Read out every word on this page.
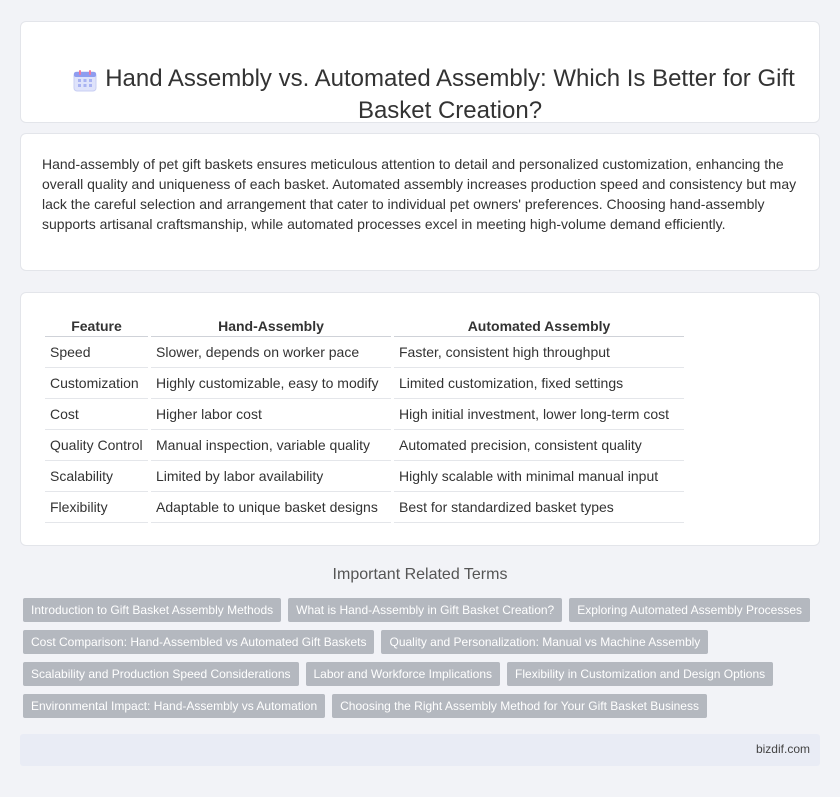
Hand Assembly vs. Automated Assembly: Which Is Better for Gift Basket Creation?

Hand-assembly of pet gift baskets ensures meticulous attention to detail and personalized customization, enhancing the overall quality and uniqueness of each basket. Automated assembly increases production speed and consistency but may lack the careful selection and arrangement that cater to individual pet owners' preferences. Choosing hand-assembly supports artisanal craftsmanship, while automated processes excel in meeting high-volume demand efficiently.

Feature	Hand-Assembly	Automated Assembly
Speed	Slower, depends on worker pace	Faster, consistent high throughput
Customization	Highly customizable, easy to modify	Limited customization, fixed settings
Cost	Higher labor cost	High initial investment, lower long-term cost
Quality Control	Manual inspection, variable quality	Automated precision, consistent quality
Scalability	Limited by labor availability	Highly scalable with minimal manual input
Flexibility	Adaptable to unique basket designs	Best for standardized basket types
Important Related Terms
Introduction to Gift Basket Assembly Methods	What is Hand-Assembly in Gift Basket Creation?	Exploring Automated Assembly Processes
Cost Comparison: Hand-Assembled vs Automated Gift Baskets	Quality and Personalization: Manual vs Machine Assembly
Scalability and Production Speed Considerations	Labor and Workforce Implications	Flexibility in Customization and Design Options
Environmental Impact: Hand-Assembly vs Automation	Choosing the Right Assembly Method for Your Gift Basket Business
bizdif.com
